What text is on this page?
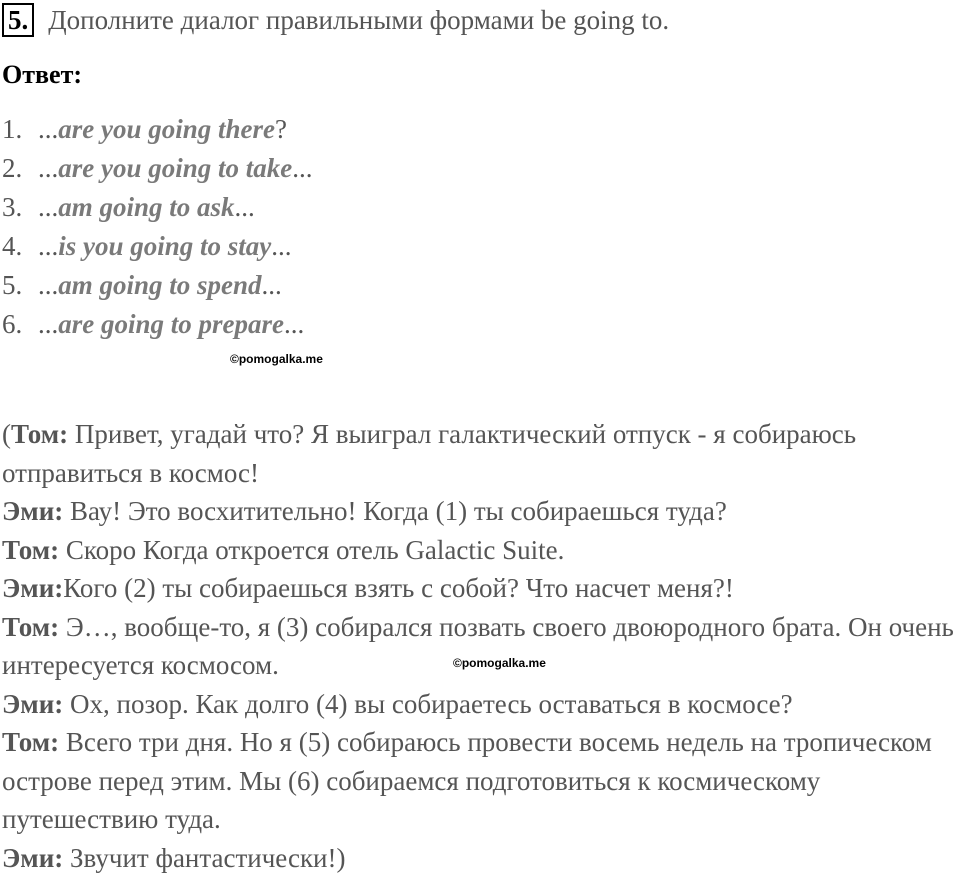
5. Дополните диалог правильными формами be going to.
Ответ:
1. ...are you going there?
2. ...are you going to take...
3. ...am going to ask...
4. ...is you going to stay...
5. ...am going to spend...
6. ...are going to prepare...
©pomogalka.me

(Том: Привет, угадай что? Я выиграл галактический отпуск - я собираюсь отправиться в космос!

Эми: Вау! Это восхитительно! Когда (1) ты собираешься туда?

Том: Скоро Когда откроется отель Galactic Suite.

Эми:Кого (2) ты собираешься взять с собой? Что насчет меня?!

Том: Э…, вообще-то, я (3) собирался позвать своего двоюродного брата. Он очень интересуется космосом.

Эми: Ох, позор. Как долго (4) вы собираетесь оставаться в космосе?

Том: Всего три дня. Но я (5) собираюсь провести восемь недель на тропическом острове перед этим. Мы (6) собираемся подготовиться к космическому путешествию туда.

Эми: Звучит фантастически!)

©pomogalka.me
